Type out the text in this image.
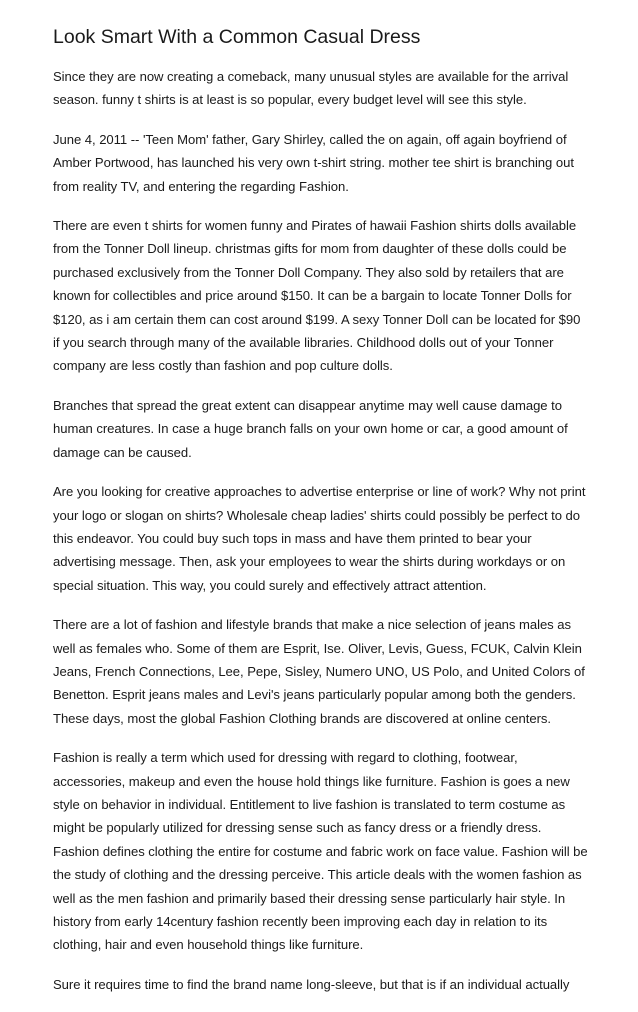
Look Smart With a Common Casual Dress

Since they are now creating a comeback, many unusual styles are available for the arrival
season. funny t shirts is at least is so popular, every budget level will see this style.

June 4, 2011 -- 'Teen Mom' father, Gary Shirley, called the on again, off again boyfriend of
Amber Portwood, has launched his very own t-shirt string. mother tee shirt is branching out
from reality TV, and entering the regarding Fashion.

There are even t shirts for women funny and Pirates of hawaii Fashion shirts dolls available
from the Tonner Doll lineup. christmas gifts for mom from daughter of these dolls could be
purchased exclusively from the Tonner Doll Company. They also sold by retailers that are
known for collectibles and price around $150. It can be a bargain to locate Tonner Dolls for
$120, as i am certain them can cost around $199. A sexy Tonner Doll can be located for $90
if you search through many of the available libraries. Childhood dolls out of your Tonner
company are less costly than fashion and pop culture dolls.

Branches that spread the great extent can disappear anytime may well cause damage to
human creatures. In case a huge branch falls on your own home or car, a good amount of
damage can be caused.

Are you looking for creative approaches to advertise enterprise or line of work? Why not print
your logo or slogan on shirts? Wholesale cheap ladies' shirts could possibly be perfect to do
this endeavor. You could buy such tops in mass and have them printed to bear your
advertising message. Then, ask your employees to wear the shirts during workdays or on
special situation. This way, you could surely and effectively attract attention.

There are a lot of fashion and lifestyle brands that make a nice selection of jeans males as
well as females who. Some of them are Esprit, Ise. Oliver, Levis, Guess, FCUK, Calvin Klein
Jeans, French Connections, Lee, Pepe, Sisley, Numero UNO, US Polo, and United Colors of
Benetton. Esprit jeans males and Levi's jeans particularly popular among both the genders.
These days, most the global Fashion Clothing brands are discovered at online centers.

Fashion is really a term which used for dressing with regard to clothing, footwear,
accessories, makeup and even the house hold things like furniture. Fashion is goes a new
style on behavior in individual. Entitlement to live fashion is translated to term costume as
might be popularly utilized for dressing sense such as fancy dress or a friendly dress.
Fashion defines clothing the entire for costume and fabric work on face value. Fashion will be
the study of clothing and the dressing perceive. This article deals with the women fashion as
well as the men fashion and primarily based their dressing sense particularly hair style. In
history from early 14century fashion recently been improving each day in relation to its
clothing, hair and even household things like furniture.

Sure it requires time to find the brand name long-sleeve, but that is if an individual actually
